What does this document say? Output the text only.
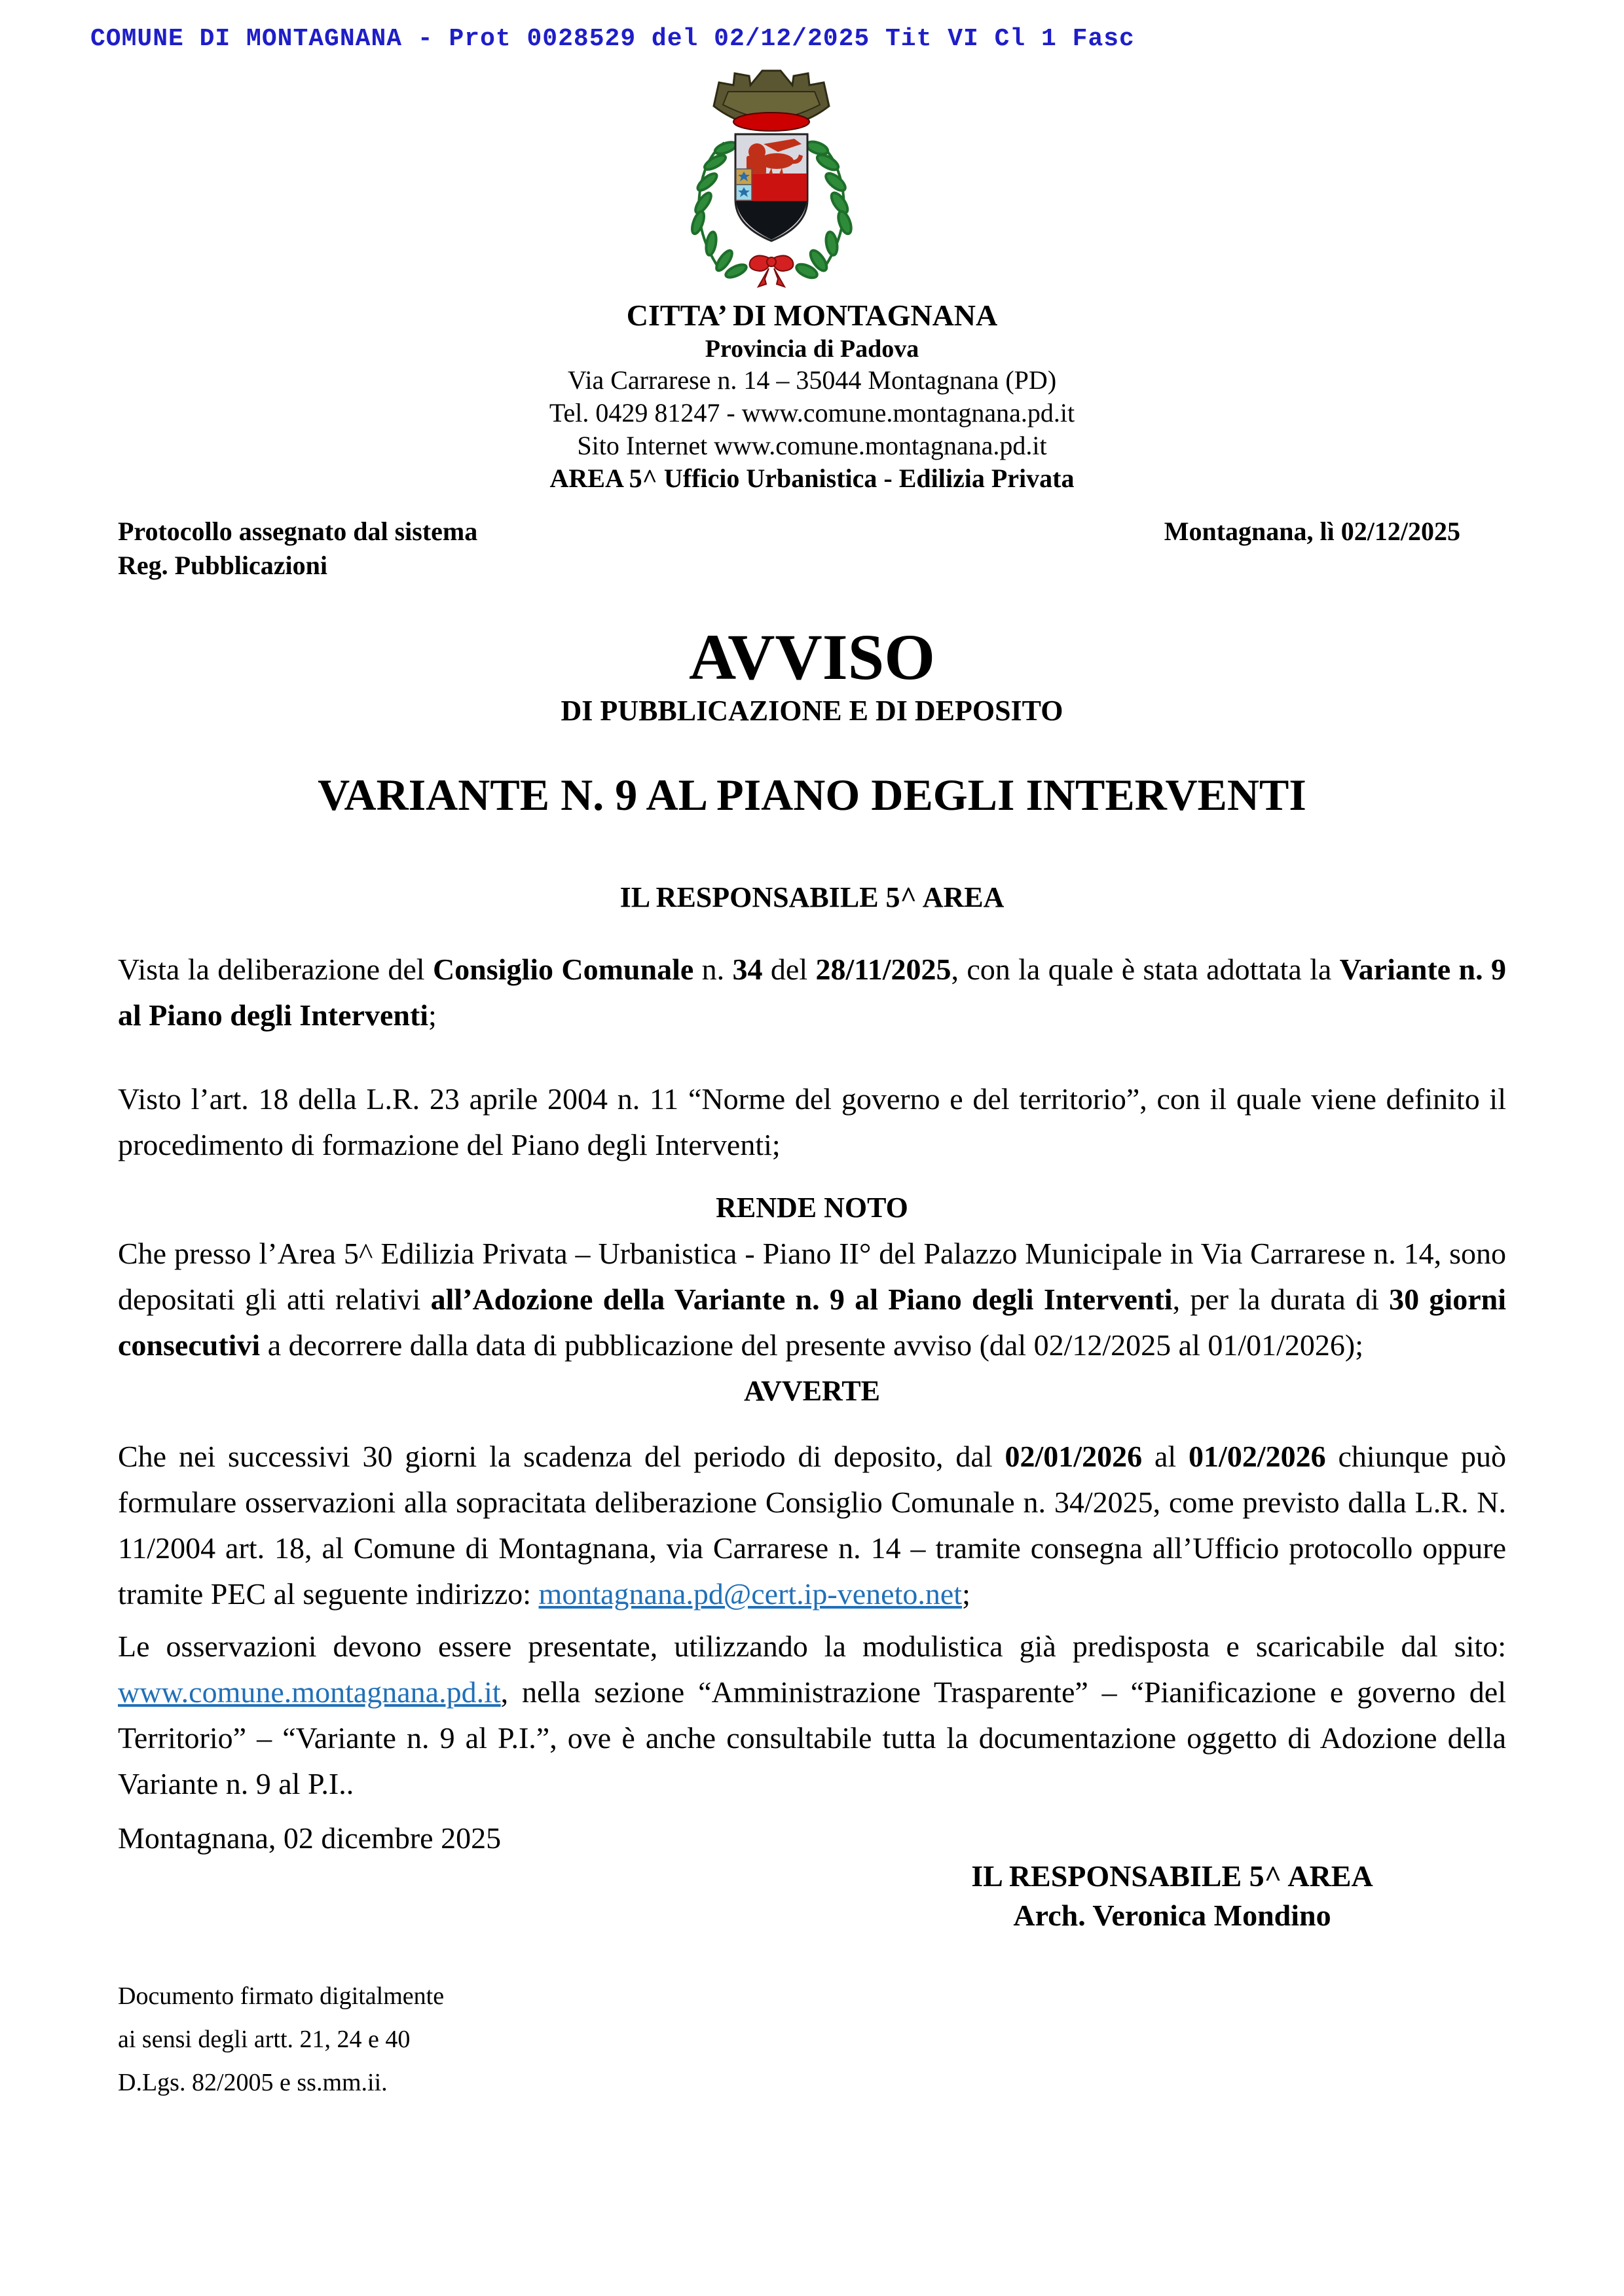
COMUNE DI MONTAGNANA - Prot 0028529 del 02/12/2025 Tit VI Cl 1 Fasc
CITTA’ DI MONTAGNANA
Provincia di Padova
Via Carrarese n. 14 – 35044 Montagnana (PD)
Tel. 0429 81247 - www.comune.montagnana.pd.it
Sito Internet www.comune.montagnana.pd.it
AREA 5^ Ufficio Urbanistica - Edilizia Privata
Protocollo assegnato dal sistema
Reg. Pubblicazioni
Montagnana, lì 02/12/2025
AVVISO
DI PUBBLICAZIONE E DI DEPOSITO
VARIANTE N. 9 AL PIANO DEGLI INTERVENTI
IL RESPONSABILE 5^ AREA
Vista la deliberazione del Consiglio Comunale n. 34 del 28/11/2025, con la quale è stata adottata la Variante n. 9 al Piano degli Interventi;
Visto l’art. 18 della L.R. 23 aprile 2004 n. 11 “Norme del governo e del territorio”, con il quale viene definito il procedimento di formazione del Piano degli Interventi;
RENDE NOTO
Che presso l’Area 5^ Edilizia Privata – Urbanistica - Piano II° del Palazzo Municipale in Via Carrarese n. 14, sono depositati gli atti relativi all’Adozione della Variante n. 9 al Piano degli Interventi, per la durata di 30 giorni consecutivi a decorrere dalla data di pubblicazione del presente avviso (dal 02/12/2025 al 01/01/2026);
AVVERTE
Che nei successivi 30 giorni la scadenza del periodo di deposito, dal 02/01/2026 al 01/02/2026 chiunque può formulare osservazioni alla sopracitata deliberazione Consiglio Comunale n. 34/2025, come previsto dalla L.R. N. 11/2004 art. 18, al Comune di Montagnana, via Carrarese n. 14 – tramite consegna all’Ufficio protocollo oppure tramite PEC al seguente indirizzo: montagnana.pd@cert.ip-veneto.net;
Le osservazioni devono essere presentate, utilizzando la modulistica già predisposta e scaricabile dal sito: www.comune.montagnana.pd.it, nella sezione “Amministrazione Trasparente” – “Pianificazione e governo del Territorio” – “Variante n. 9 al P.I.”, ove è anche consultabile tutta la documentazione oggetto di Adozione della Variante n. 9 al P.I..
Montagnana, 02 dicembre 2025
IL RESPONSABILE 5^ AREA
Arch. Veronica Mondino
Documento firmato digitalmente
ai sensi degli artt. 21, 24 e 40
D.Lgs. 82/2005 e ss.mm.ii.
